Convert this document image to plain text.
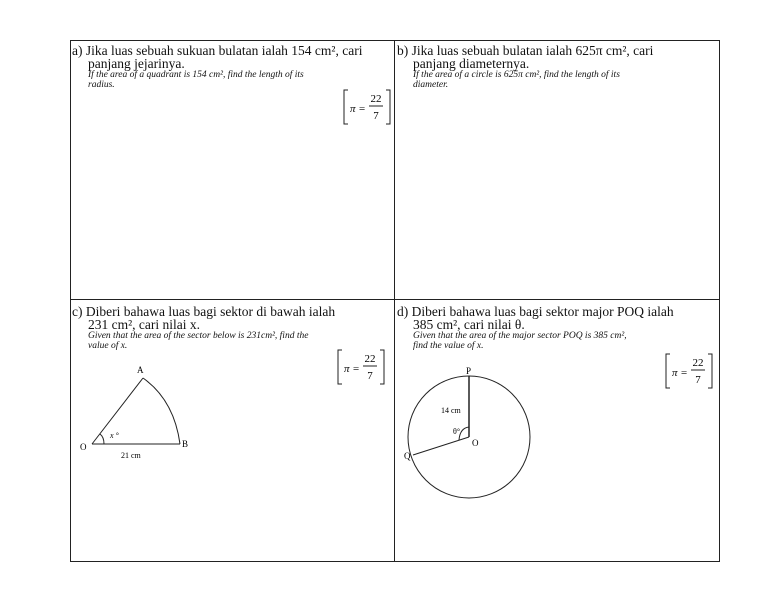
a) Jika luas sebuah sukuan bulatan ialah 154 cm², cari
panjang jejarinya.
If the area of a quadrant is 154 cm², find the length of its
radius.
π =
22
7
b) Jika luas sebuah bulatan ialah 625π cm², cari
panjang diameternya.
If the area of a circle is 625π cm², find the length of its
diameter.
c) Diberi bahawa luas bagi sektor di bawah ialah
231 cm², cari nilai x.
Given that the area of the sector below is 231cm², find the
value of x.
π =
22
7
A
O	B
x °
21 cm
d) Diberi bahawa luas bagi sektor major POQ ialah
385 cm², cari nilai θ.
Given that the area of the major sector POQ is 385 cm²,
find the value of x.
π =
22
7
P
O
Q
θ°
14 cm
